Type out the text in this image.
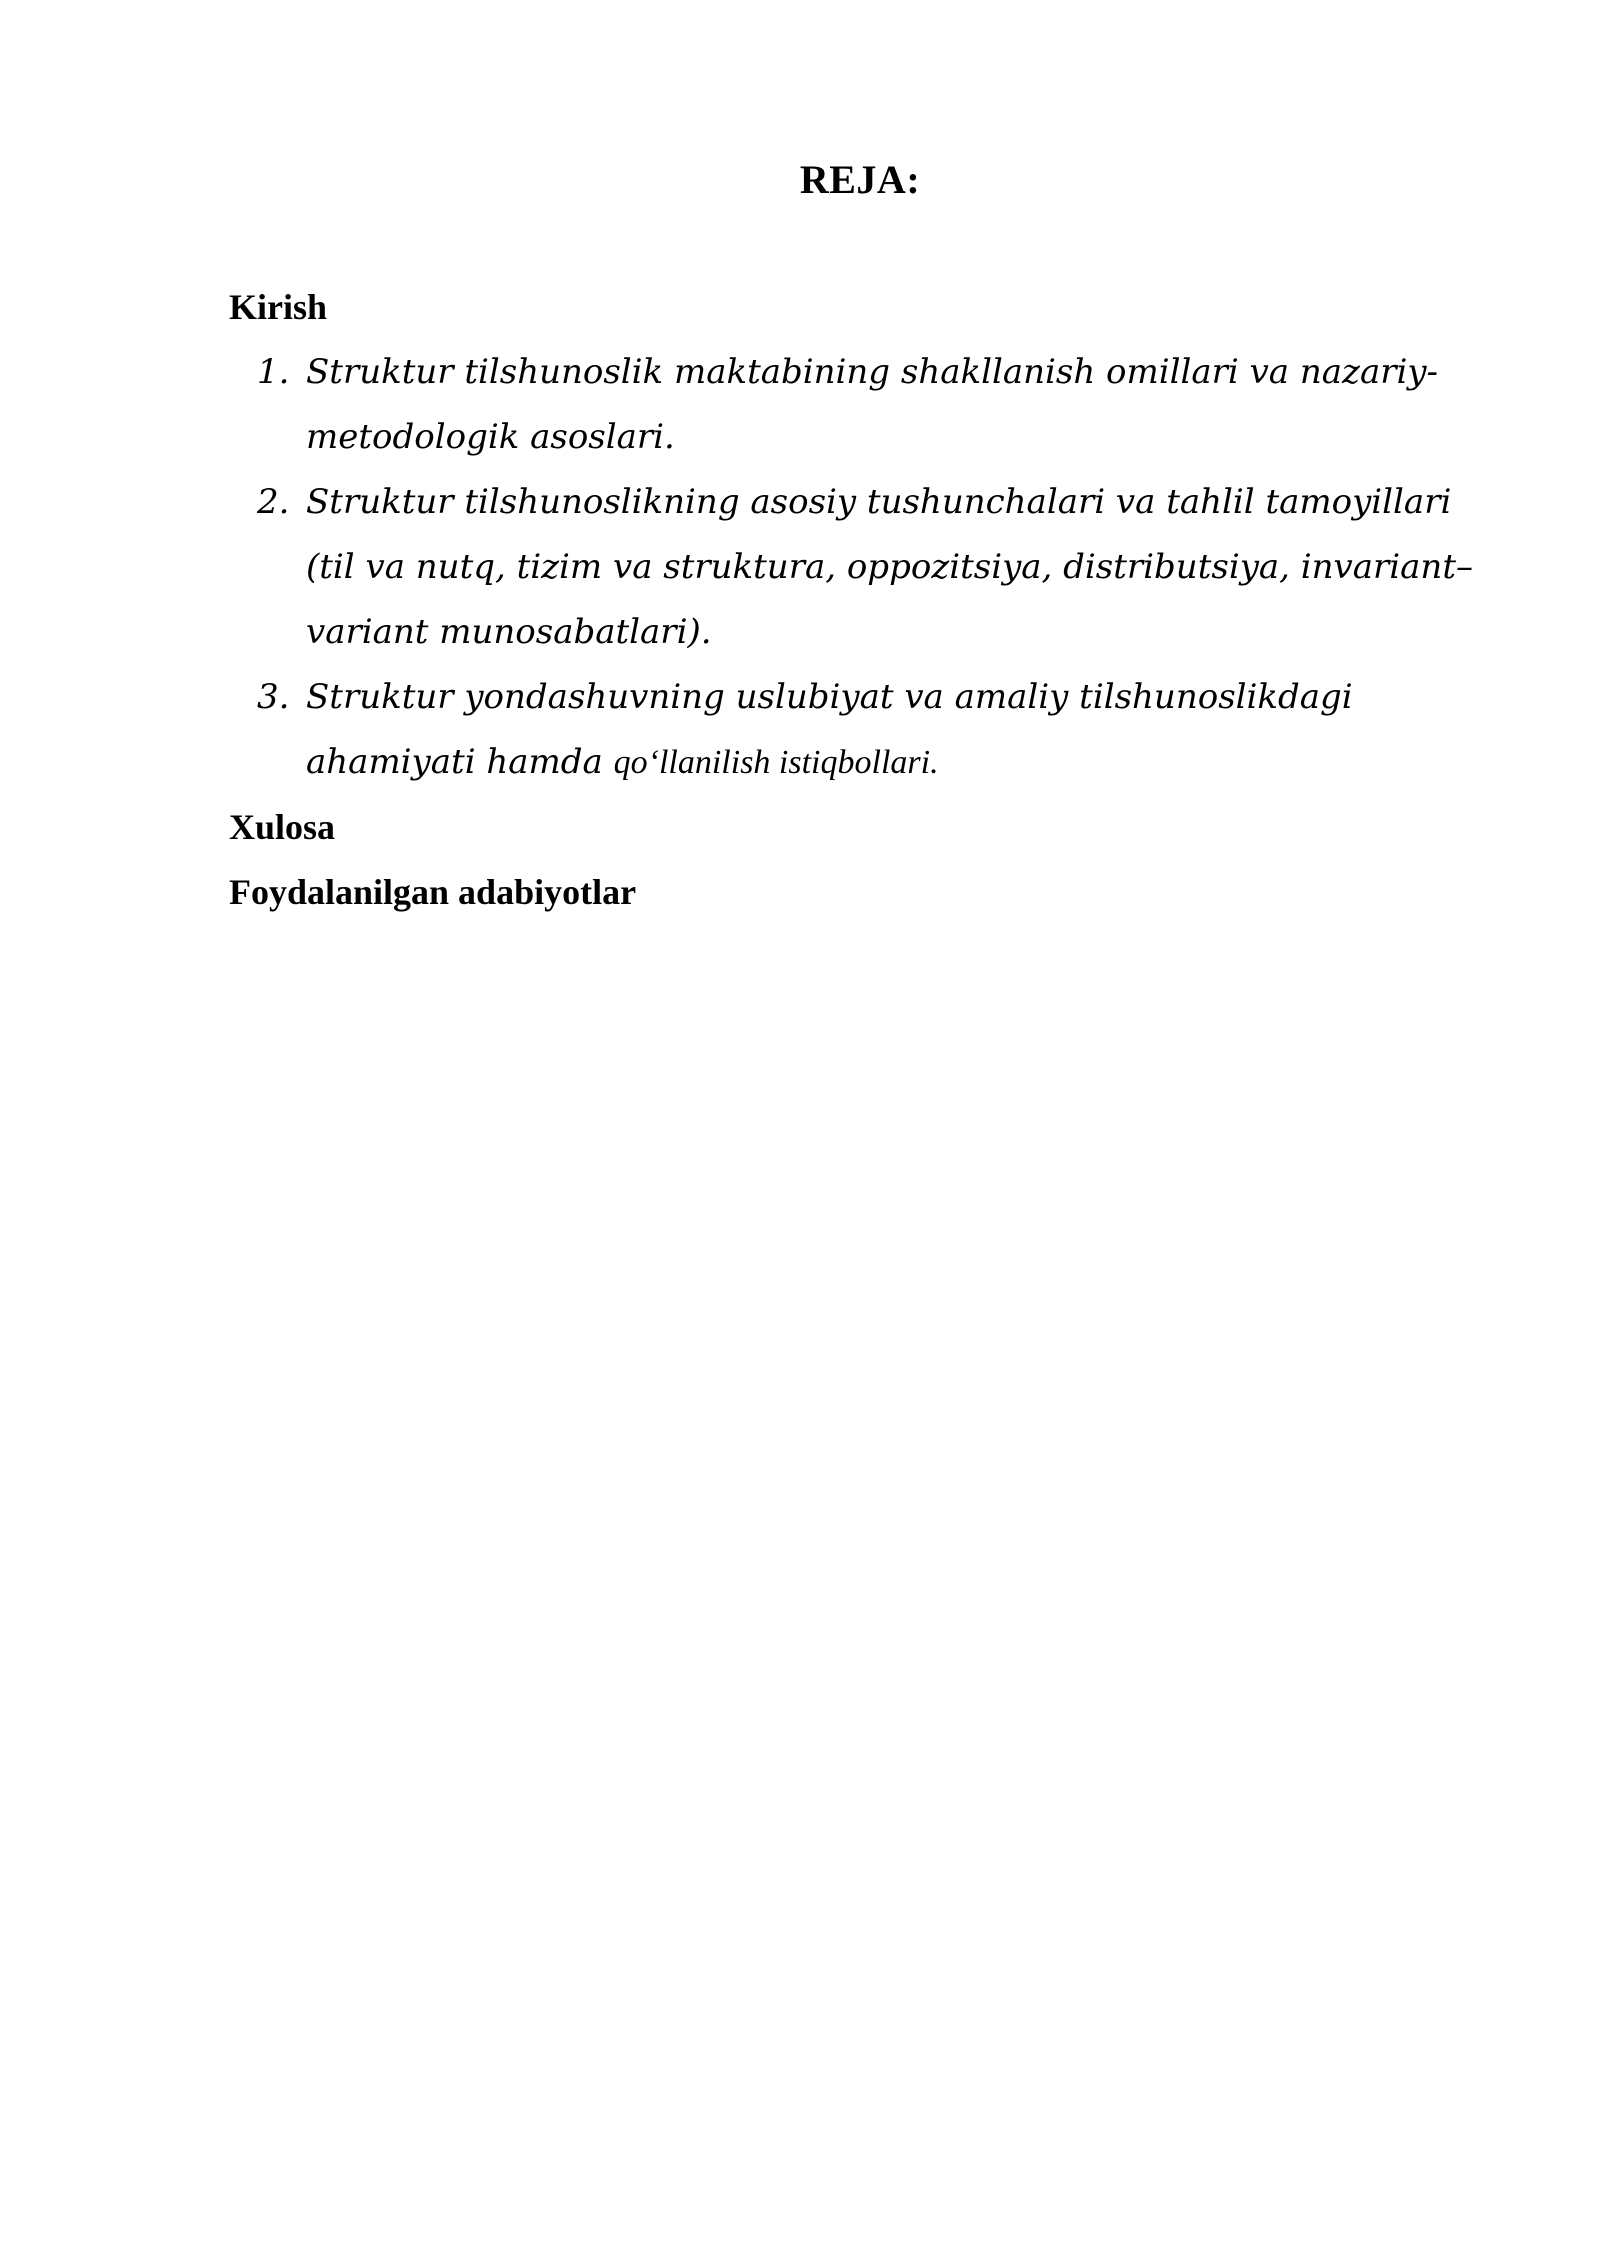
REJA:
Kirish
1. Struktur tilshunoslik maktabining shakllanish omillari va nazariy-metodologik asoslari.
2. Struktur tilshunoslikning asosiy tushunchalari va tahlil tamoyillari (til va nutq, tizim va struktura, oppozitsiya, distributsiya, invariant–variant munosabatlari).
3. Struktur yondashuvning uslubiyat va amaliy tilshunoslikdagi ahamiyati hamda qo‘llanilish istiqbollari.
Xulosa
Foydalanilgan adabiyotlar
